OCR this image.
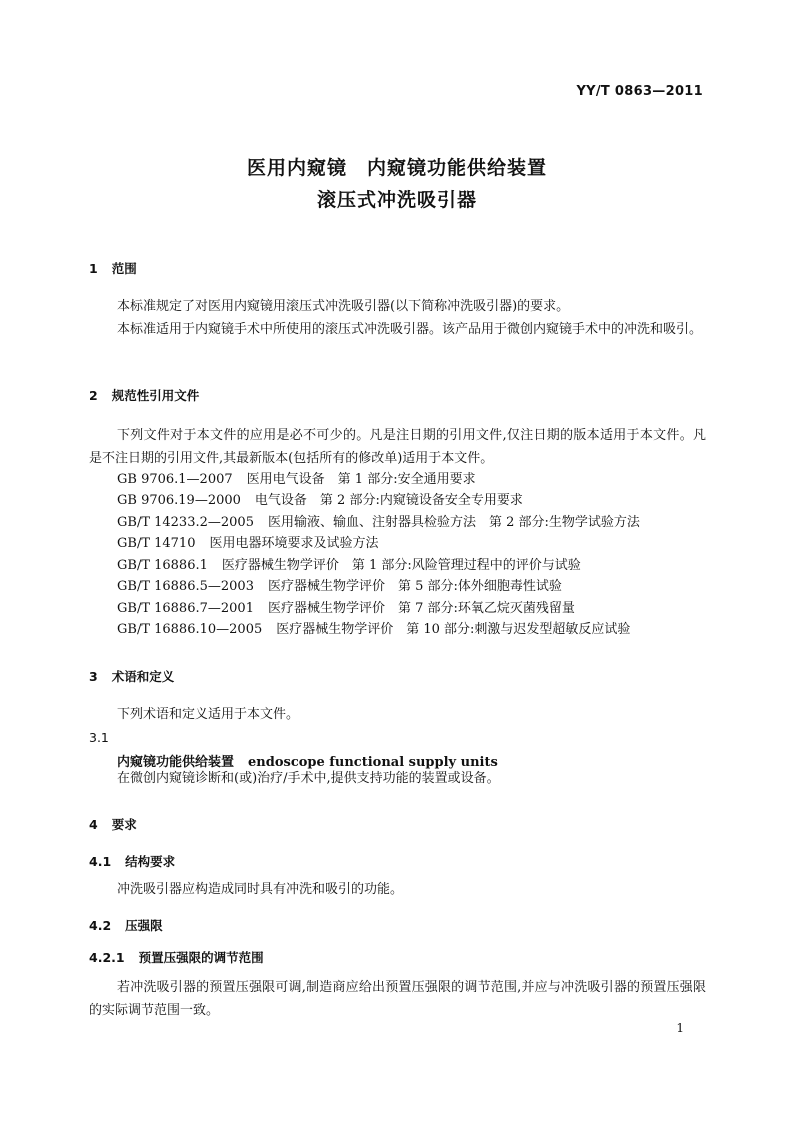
YY/T 0863—2011
医用内窥镜　内窥镜功能供给装置
滚压式冲洗吸引器
1 范围

本标准规定了对医用内窥镜用滚压式冲洗吸引器(以下简称冲洗吸引器)的要求。

本标准适用于内窥镜手术中所使用的滚压式冲洗吸引器。该产品用于微创内窥镜手术中的冲洗和吸引。

2 规范性引用文件

下列文件对于本文件的应用是必不可少的。凡是注日期的引用文件,仅注日期的版本适用于本文件。凡是不注日期的引用文件,其最新版本(包括所有的修改单)适用于本文件。

GB 9706.1—2007 医用电气设备　第 1 部分:安全通用要求
GB 9706.19—2000 电气设备　第 2 部分:内窥镜设备安全专用要求
GB/T 14233.2—2005 医用输液、输血、注射器具检验方法　第 2 部分:生物学试验方法
GB/T 14710 医用电器环境要求及试验方法
GB/T 16886.1 医疗器械生物学评价　第 1 部分:风险管理过程中的评价与试验
GB/T 16886.5—2003 医疗器械生物学评价　第 5 部分:体外细胞毒性试验
GB/T 16886.7—2001 医疗器械生物学评价　第 7 部分:环氧乙烷灭菌残留量
GB/T 16886.10—2005 医疗器械生物学评价　第 10 部分:刺激与迟发型超敏反应试验
3 术语和定义

下列术语和定义适用于本文件。

3.1
内窥镜功能供给装置 endoscope functional supply units

在微创内窥镜诊断和(或)治疗/手术中,提供支持功能的装置或设备。

4 要求
4.1 结构要求

冲洗吸引器应构造成同时具有冲洗和吸引的功能。

4.2 压强限
4.2.1 预置压强限的调节范围

若冲洗吸引器的预置压强限可调,制造商应给出预置压强限的调节范围,并应与冲洗吸引器的预置压强限的实际调节范围一致。

1
